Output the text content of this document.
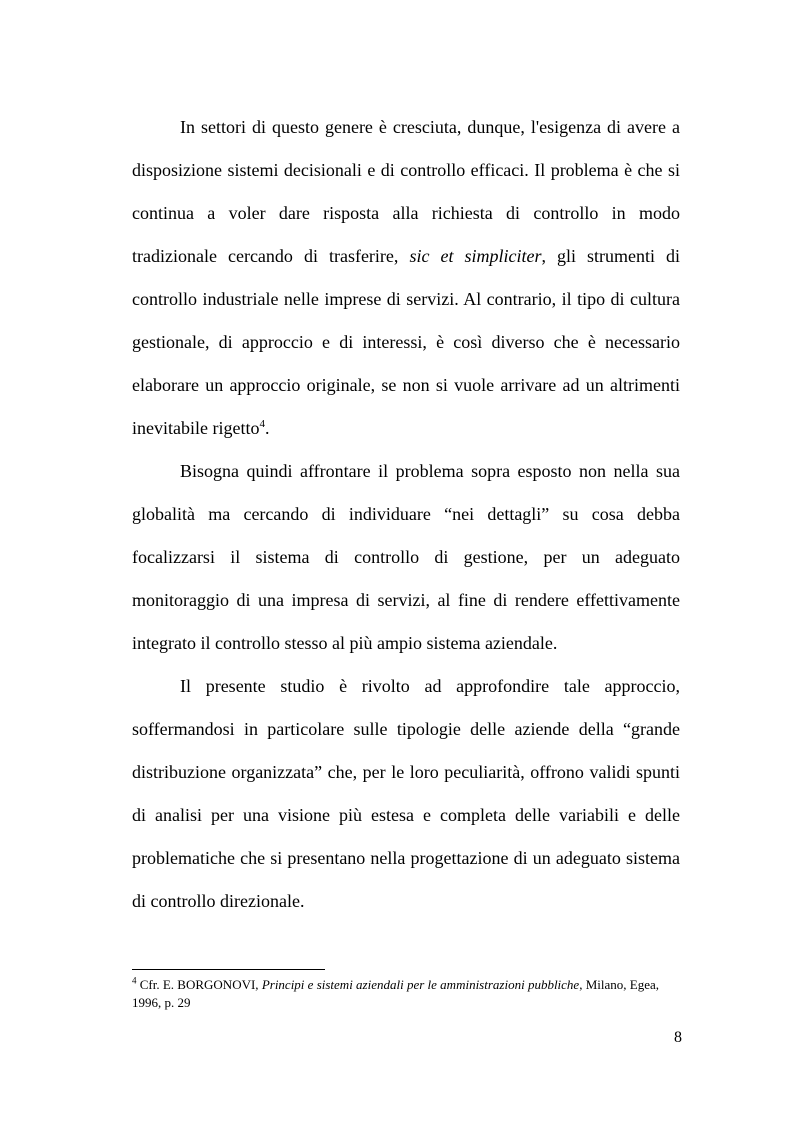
In settori di questo genere è cresciuta, dunque, l'esigenza di avere a disposizione sistemi decisionali e di controllo efficaci. Il problema è che si continua a voler dare risposta alla richiesta di controllo in modo tradizionale cercando di trasferire, sic et simpliciter, gli strumenti di controllo industriale nelle imprese di servizi. Al contrario, il tipo di cultura gestionale, di approccio e di interessi, è così diverso che è necessario elaborare un approccio originale, se non si vuole arrivare ad un altrimenti inevitabile rigetto$^4$.

Bisogna quindi affrontare il problema sopra esposto non nella sua globalità ma cercando di individuare “nei dettagli” su cosa debba focalizzarsi il sistema di controllo di gestione, per un adeguato monitoraggio di una impresa di servizi, al fine di rendere effettivamente integrato il controllo stesso al più ampio sistema aziendale.

Il presente studio è rivolto ad approfondire tale approccio, soffermandosi in particolare sulle tipologie delle aziende della “grande distribuzione organizzata” che, per le loro peculiarità, offrono validi spunti di analisi per una visione più estesa e completa delle variabili e delle problematiche che si presentano nella progettazione di un adeguato sistema di controllo direzionale.

$^4$ Cfr. E. BORGONOVI, Principi e sistemi aziendali per le amministrazioni pubbliche, Milano, Egea, 1996, p. 29
8
